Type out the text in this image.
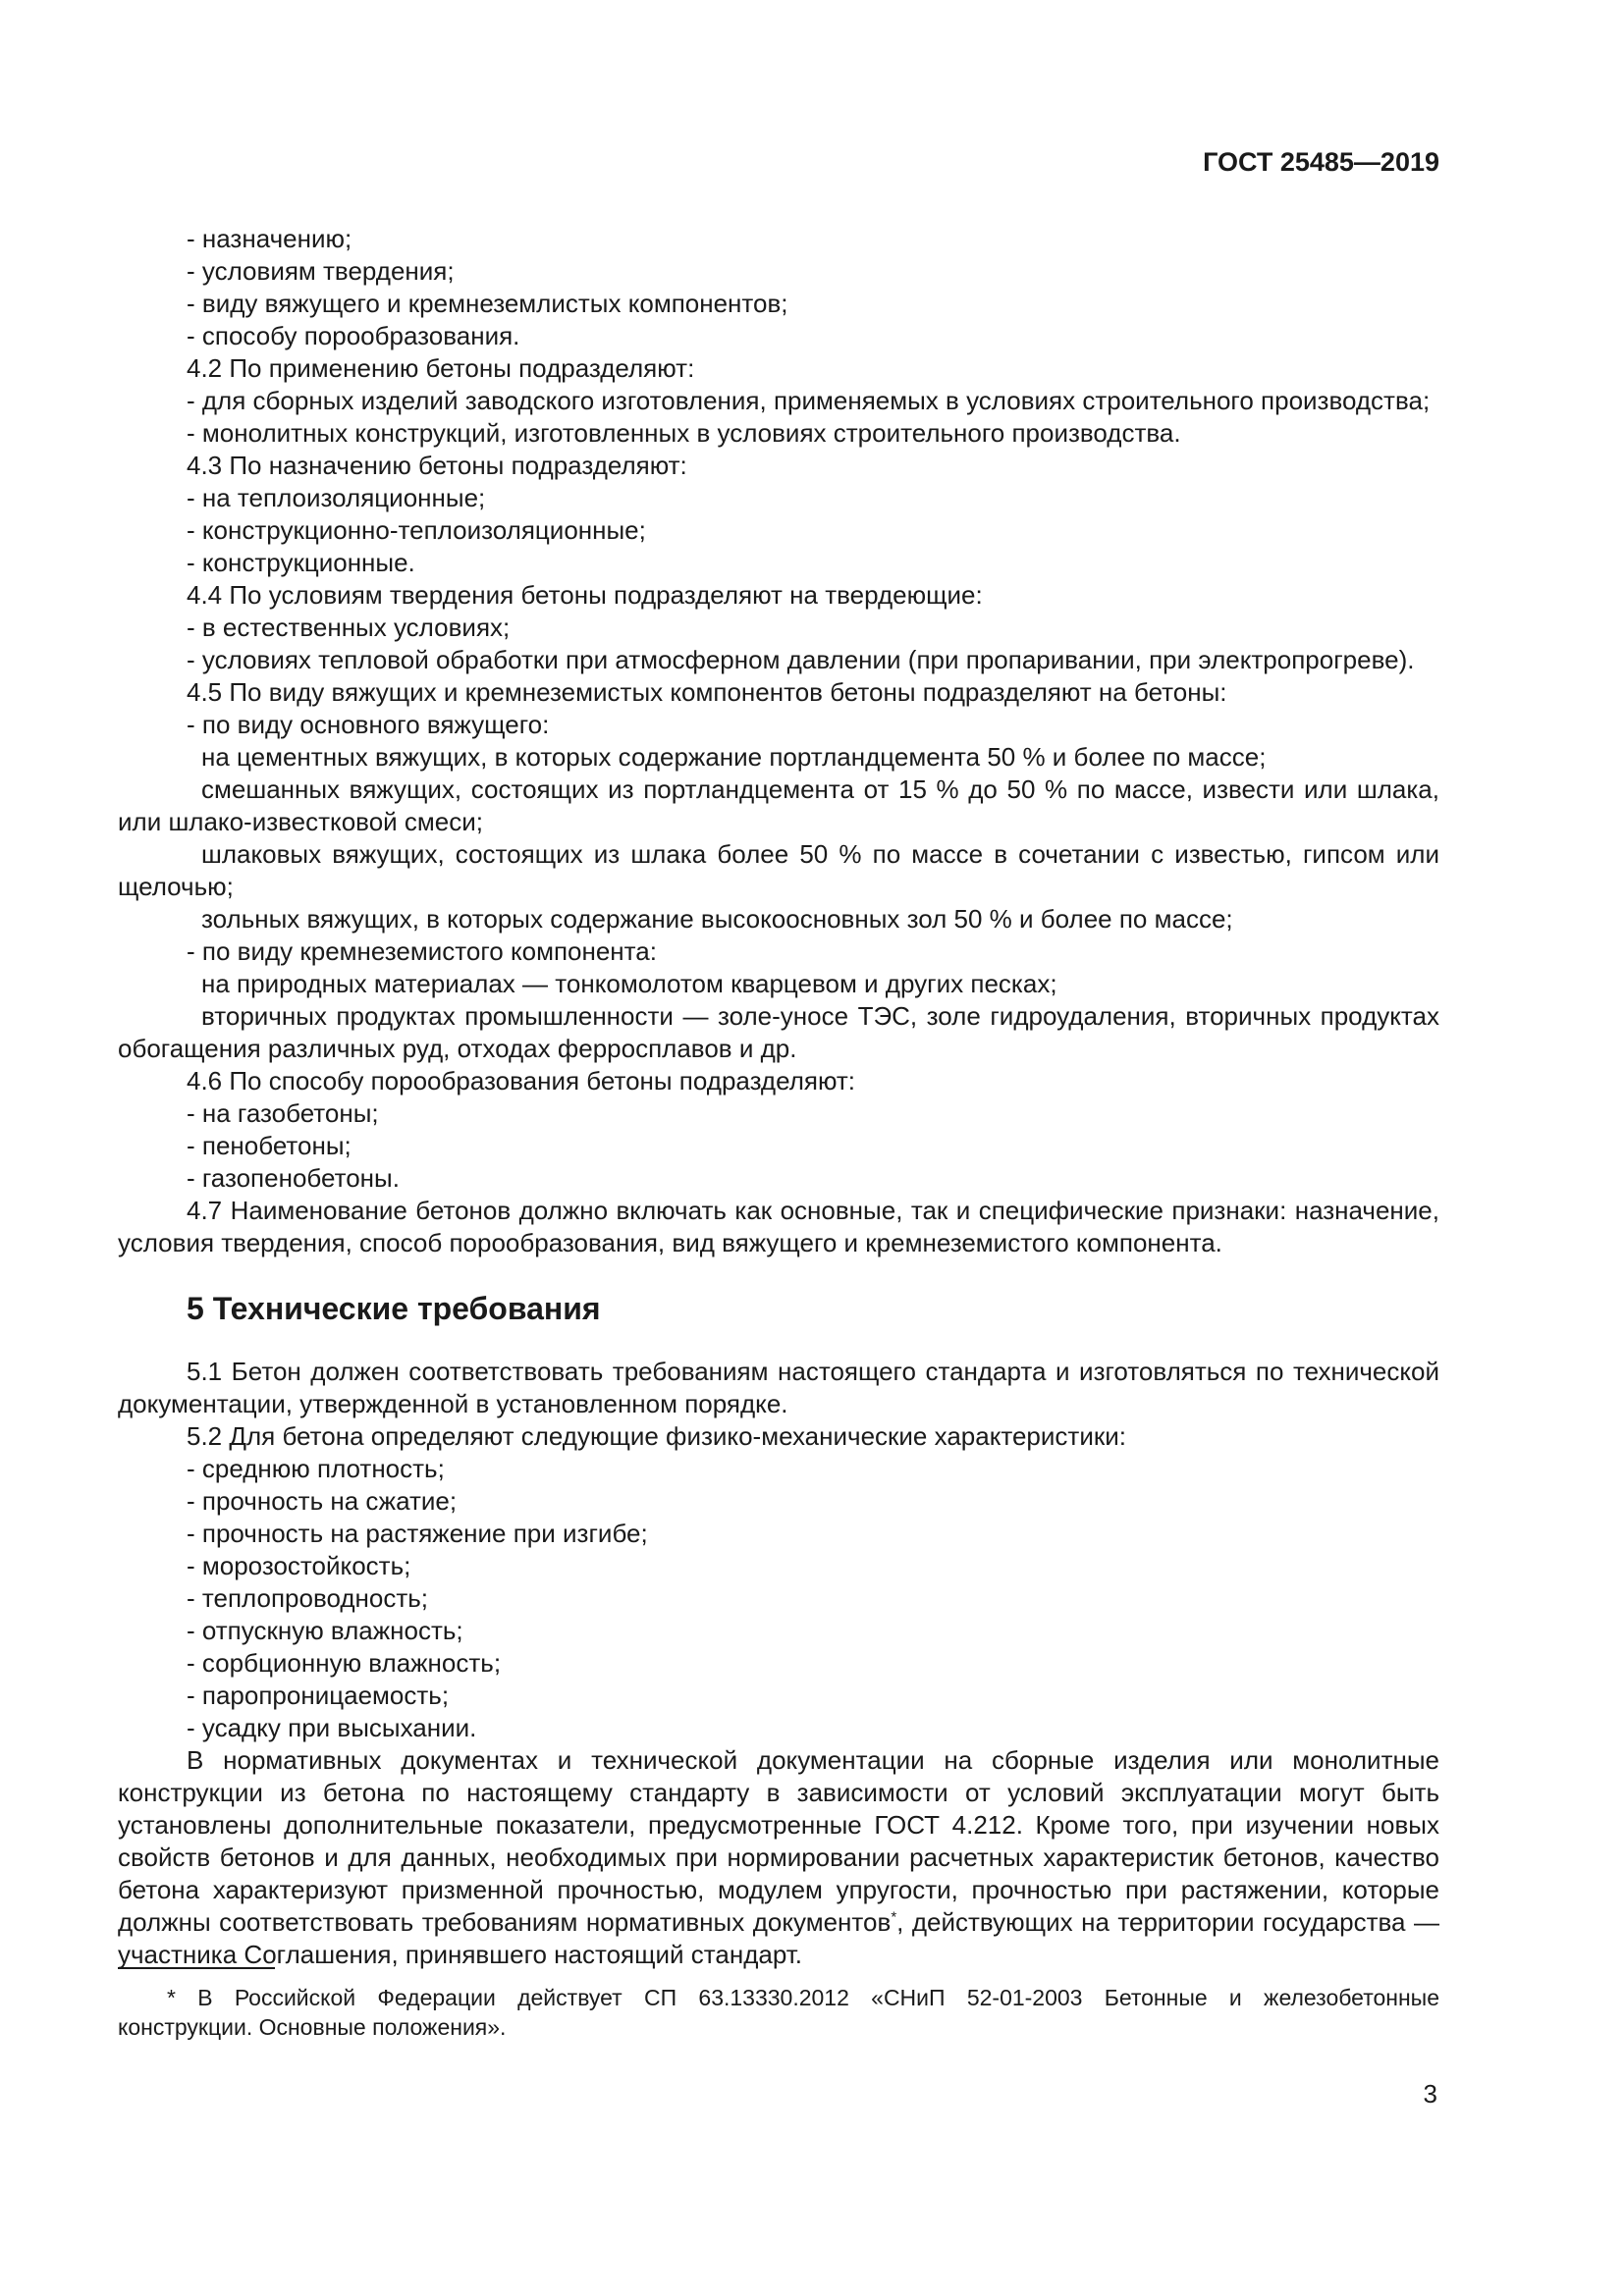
ГОСТ 25485—2019
- назначению;
- условиям твердения;
- виду вяжущего и кремнеземлистых компонентов;
- способу порообразования.
4.2 По применению бетоны подразделяют:
- для сборных изделий заводского изготовления, применяемых в условиях строительного производства;
- монолитных конструкций, изготовленных в условиях строительного производства.
4.3 По назначению бетоны подразделяют:
- на теплоизоляционные;
- конструкционно-теплоизоляционные;
- конструкционные.
4.4 По условиям твердения бетоны подразделяют на твердеющие:
- в естественных условиях;
- условиях тепловой обработки при атмосферном давлении (при пропаривании, при электропрогреве).
4.5 По виду вяжущих и кремнеземистых компонентов бетоны подразделяют на бетоны:
- по виду основного вяжущего:
на цементных вяжущих, в которых содержание портландцемента 50 % и более по массе;
смешанных вяжущих, состоящих из портландцемента от 15 % до 50 % по массе, извести или шлака, или шлако-известковой смеси;
шлаковых вяжущих, состоящих из шлака более 50 % по массе в сочетании с известью, гипсом или щелочью;
зольных вяжущих, в которых содержание высокоосновных зол 50 % и более по массе;
- по виду кремнеземистого компонента:
на природных материалах — тонкомолотом кварцевом и других песках;
вторичных продуктах промышленности — золе-уносе ТЭС, золе гидроудаления, вторичных продуктах обогащения различных руд, отходах ферросплавов и др.
4.6 По способу порообразования бетоны подразделяют:
- на газобетоны;
- пенобетоны;
- газопенобетоны.
4.7 Наименование бетонов должно включать как основные, так и специфические признаки: назначение, условия твердения, способ порообразования, вид вяжущего и кремнеземистого компонента.
5 Технические требования
5.1 Бетон должен соответствовать требованиям настоящего стандарта и изготовляться по технической документации, утвержденной в установленном порядке.
5.2 Для бетона определяют следующие физико-механические характеристики:
- среднюю плотность;
- прочность на сжатие;
- прочность на растяжение при изгибе;
- морозостойкость;
- теплопроводность;
- отпускную влажность;
- сорбционную влажность;
- паропроницаемость;
- усадку при высыхании.
В нормативных документах и технической документации на сборные изделия или монолитные конструкции из бетона по настоящему стандарту в зависимости от условий эксплуатации могут быть установлены дополнительные показатели, предусмотренные ГОСТ 4.212. Кроме того, при изучении новых свойств бетонов и для данных, необходимых при нормировании расчетных характеристик бетонов, качество бетона характеризуют призменной прочностью, модулем упругости, прочностью при растяжении, которые должны соответствовать требованиям нормативных документов*, действующих на территории государства — участника Соглашения, принявшего настоящий стандарт.
* В Российской Федерации действует СП 63.13330.2012 «СНиП 52-01-2003 Бетонные и железобетонные
конструкции. Основные положения».
3
